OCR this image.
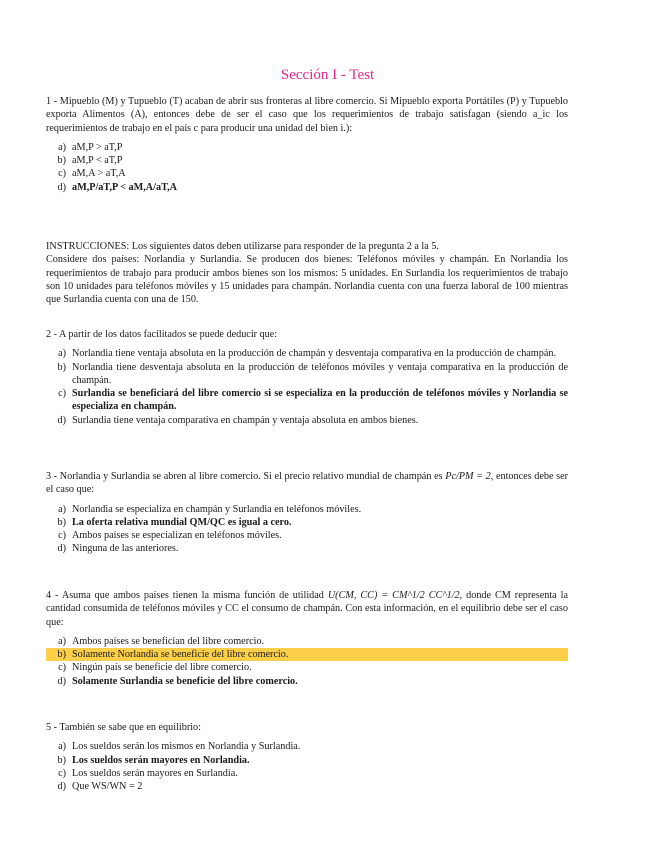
Sección I - Test
1 - Mipueblo (M) y Tupueblo (T) acaban de abrir sus fronteras al libre comercio. Si Mipueblo exporta Portátiles (P) y Tupueblo exporta Alimentos (A), entonces debe de ser el caso que los requerimientos de trabajo satisfagan (siendo a_ic los requerimientos de trabajo en el país c para producir una unidad del bien i.):
a) aM,P > aT,P
b) aM,P < aT,P
c) aM,A > aT,A
d) aM,P/aT,P < aM,A/aT,A
INSTRUCCIONES: Los siguientes datos deben utilizarse para responder de la pregunta 2 a la 5.
Considere dos países: Norlandia y Surlandia. Se producen dos bienes: Teléfonos móviles y champán. En Norlandia los requerimientos de trabajo para producir ambos bienes son los mismos: 5 unidades. En Surlandia los requerimientos de trabajo son 10 unidades para teléfonos móviles y 15 unidades para champán. Norlandia cuenta con una fuerza laboral de 100 mientras que Surlandia cuenta con una de 150.
2 - A partir de los datos facilitados se puede deducir que:
a) Norlandia tiene ventaja absoluta en la producción de champán y desventaja comparativa en la producción de champán.
b) Norlandia tiene desventaja absoluta en la producción de teléfonos móviles y ventaja comparativa en la producción de champán.
c) Surlandia se beneficiará del libre comercio si se especializa en la producción de teléfonos móviles y Norlandia se especializa en champán.
d) Surlandia tiene ventaja comparativa en champán y ventaja absoluta en ambos bienes.
3 - Norlandia y Surlandia se abren al libre comercio. Si el precio relativo mundial de champán es Pc/PM = 2, entonces debe ser el caso que:
a) Norlandia se especializa en champán y Surlandia en teléfonos móviles.
b) La oferta relativa mundial QM/QC es igual a cero.
c) Ambos países se especializan en teléfonos móviles.
d) Ninguna de las anteriores.
4 - Asuma que ambos países tienen la misma función de utilidad U(CM, CC) = CM^1/2 CC^1/2, donde CM representa la cantidad consumida de teléfonos móviles y CC el consumo de champán. Con esta información, en el equilibrio debe ser el caso que:
a) Ambos países se benefician del libre comercio.
b) Solamente Norlandia se beneficie del libre comercio.
c) Ningún país se beneficie del libre comercio.
d) Solamente Surlandia se beneficie del libre comercio.
5 - También se sabe que en equilibrio:
a) Los sueldos serán los mismos en Norlandia y Surlandia.
b) Los sueldos serán mayores en Norlandia.
c) Los sueldos serán mayores en Surlandia.
d) Que WS/WN = 2
